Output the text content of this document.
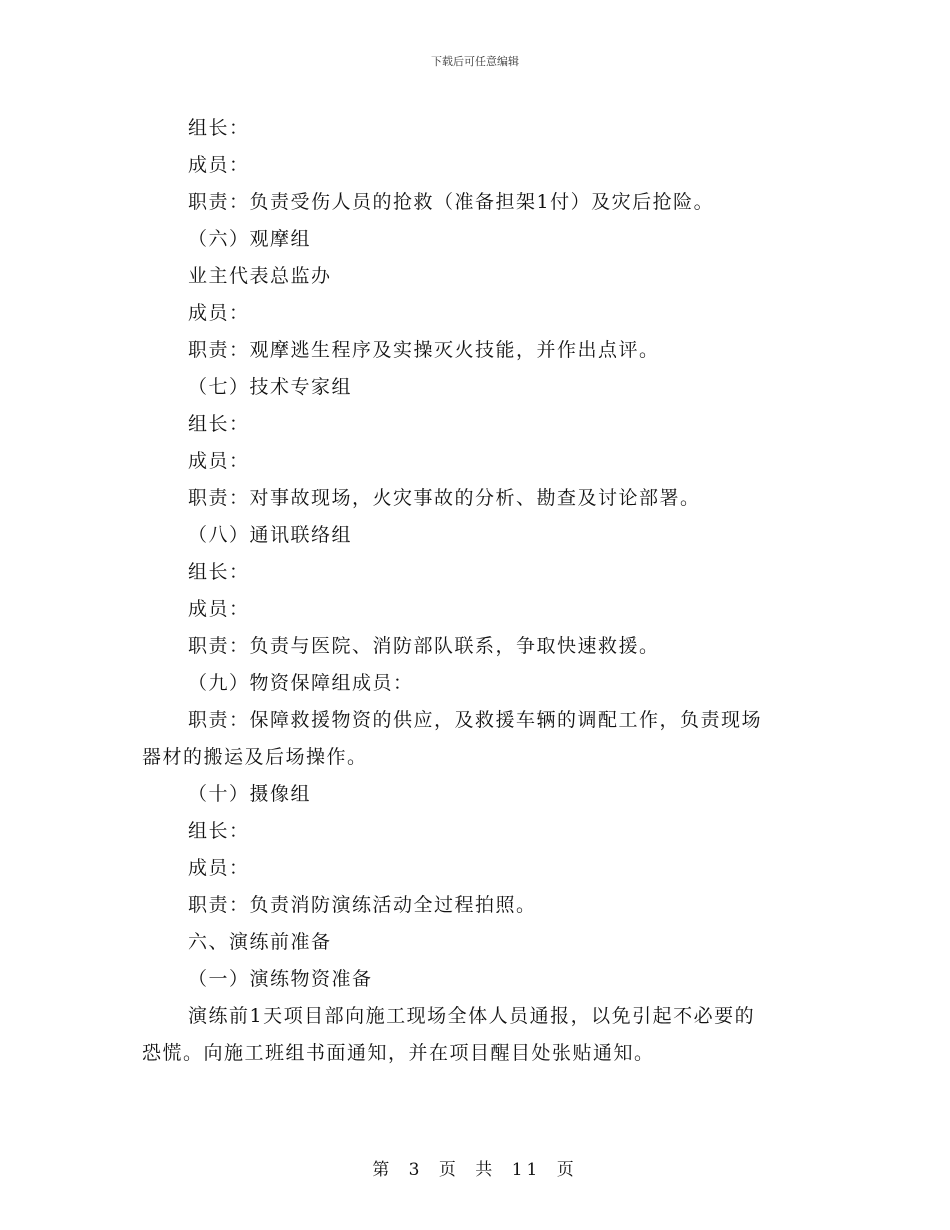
下载后可任意编辑
组长：
成员：
职责：负责受伤人员的抢救（准备担架1付）及灾后抢险。
（六）观摩组
业主代表总监办
成员：
职责：观摩逃生程序及实操灭火技能，并作出点评。
（七）技术专家组
组长：
成员：
职责：对事故现场，火灾事故的分析、勘查及讨论部署。
（八）通讯联络组
组长：
成员：
职责：负责与医院、消防部队联系，争取快速救援。
（九）物资保障组成员：
职责：保障救援物资的供应，及救援车辆的调配工作，负责现场
器材的搬运及后场操作。
（十）摄像组
组长：
成员：
职责：负责消防演练活动全过程拍照。
六、演练前准备
（一）演练物资准备
演练前1天项目部向施工现场全体人员通报，以免引起不必要的
恐慌。向施工班组书面通知，并在项目醒目处张贴通知。
第 3 页 共 11 页
